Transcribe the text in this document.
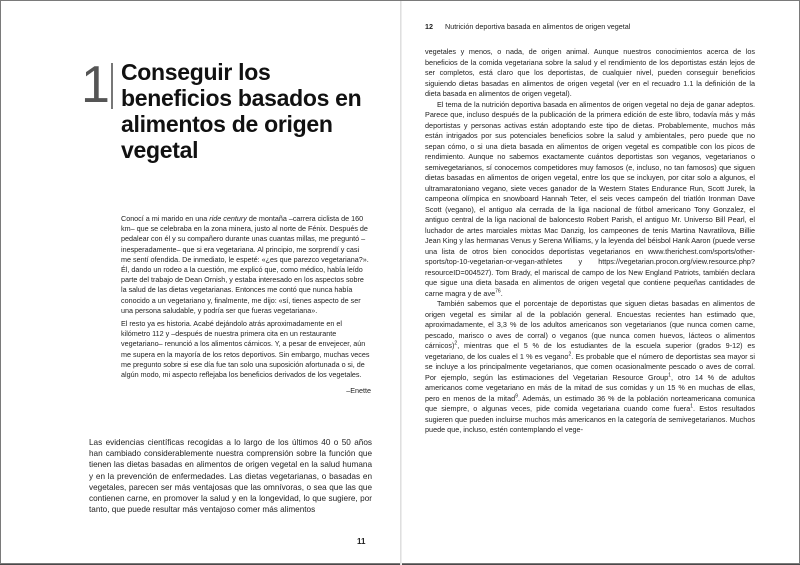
1 Conseguir los beneficios basados en alimentos de origen vegetal

Conocí a mi marido en una ride century de montaña –carrera ciclista de 160 km– que se celebraba en la zona minera, justo al norte de Fénix. Después de pedalear con él y su compañero durante unas cuantas millas, me preguntó –inesperadamente– que si era vegetariana. Al principio, me sorprendí y casi me sentí ofendida. De inmediato, le espeté: «¿es que parezco vegetariana?». Él, dando un rodeo a la cuestión, me explicó que, como médico, había leído parte del trabajo de Dean Ornish, y estaba interesado en los aspectos sobre la salud de las dietas vegetarianas. Entonces me contó que nunca había conocido a un vegetariano y, finalmente, me dijo: «sí, tienes aspecto de ser una persona saludable, y podría ser que fueras vegetariana».

El resto ya es historia. Acabé dejándolo atrás aproximadamente en el kilómetro 112 y –después de nuestra primera cita en un restaurante vegetariano– renunció a los alimentos cárnicos. Y, a pesar de envejecer, aún me supera en la mayoría de los retos deportivos. Sin embargo, muchas veces me pregunto sobre si ese día fue tan solo una suposición afortunada o si, de algún modo, mi aspecto reflejaba los beneficios derivados de los vegetales.

–Enette

Las evidencias científicas recogidas a lo largo de los últimos 40 o 50 años han cambiado considerablemente nuestra comprensión sobre la función que tienen las dietas basadas en alimentos de origen vegetal en la salud humana y en la prevención de enfermedades. Las dietas vegetarianas, o basadas en vegetales, parecen ser más ventajosas que las omnívoras, o sea que las que contienen carne, en promover la salud y en la longevidad, lo que sugiere, por tanto, que puede resultar más ventajoso comer más alimentos

11
12 Nutrición deportiva basada en alimentos de origen vegetal

vegetales y menos, o nada, de origen animal. Aunque nuestros conocimientos acerca de los beneficios de la comida vegetariana sobre la salud y el rendimiento de los deportistas están lejos de ser completos, está claro que los deportistas, de cualquier nivel, pueden conseguir beneficios siguiendo dietas basadas en alimentos de origen vegetal (ver en el recuadro 1.1 la definición de la dieta basada en alimentos de origen vegetal).

El tema de la nutrición deportiva basada en alimentos de origen vegetal no deja de ganar adeptos. Parece que, incluso después de la publicación de la primera edición de este libro, todavía más y más deportistas y personas activas están adoptando este tipo de dietas. Probablemente, muchos más están intrigados por sus potenciales beneficios sobre la salud y ambientales, pero puede que no sepan cómo, o si una dieta basada en alimentos de origen vegetal es compatible con los picos de rendimiento. Aunque no sabemos exactamente cuántos deportistas son veganos, vegetarianos o semivegetarianos, sí conocemos competidores muy famosos (e, incluso, no tan famosos) que siguen dietas basadas en alimentos de origen vegetal, entre los que se incluyen, por citar solo a algunos, el ultramaratoniano vegano, siete veces ganador de la Western States Endurance Run, Scott Jurek, la campeona olímpica en snowboard Hannah Teter, el seis veces campeón del triatlón Ironman Dave Scott (vegano), el antiguo ala cerrada de la liga nacional de fútbol americano Tony Gonzalez, el antiguo central de la liga nacional de baloncesto Robert Parish, el antiguo Mr. Universo Bill Pearl, el luchador de artes marciales mixtas Mac Danzig, los campeones de tenis Martina Navratilova, Billie Jean King y las hermanas Venus y Serena Williams, y la leyenda del béisbol Hank Aaron (puede verse una lista de otros bien conocidos deportistas vegetarianos en www.therichest.com/sports/other-sports/top-10-vegetarian-or-vegan-athletes y https://vegetarian.procon.org/view.resource.php?resourceID=004527). Tom Brady, el mariscal de campo de los New England Patriots, también declara que sigue una dieta basada en alimentos de origen vegetal que contiene pequeñas cantidades de carne magra y de ave$^{76}$.

También sabemos que el porcentaje de deportistas que siguen dietas basadas en alimentos de origen vegetal es similar al de la población general. Encuestas recientes han estimado que, aproximadamente, el 3,3 % de los adultos americanos son vegetarianos (que nunca comen carne, pescado, marisco o aves de corral) o veganos (que nunca comen huevos, lácteos o alimentos cárnicos)$^2$, mientras que el 5 % de los estudiantes de la escuela superior (grados 9-12) es vegetariano, de los cuales el 1 % es vegano$^2$. Es probable que el número de deportistas sea mayor si se incluye a los principalmente vegetarianos, que comen ocasionalmente pescado o aves de corral. Por ejemplo, según las estimaciones del Vegetarian Resource Group$^1$, otro 14 % de adultos americanos come vegetariano en más de la mitad de sus comidas y un 15 % en muchas de ellas, pero en menos de la mitad$^9$. Además, un estimado 36 % de la población norteamericana comunica que siempre, o algunas veces, pide comida vegetariana cuando come fuera$^1$. Estos resultados sugieren que pueden incluirse muchos más americanos en la categoría de semivegetarianos. Muchos puede que, incluso, estén contemplando el vege-
